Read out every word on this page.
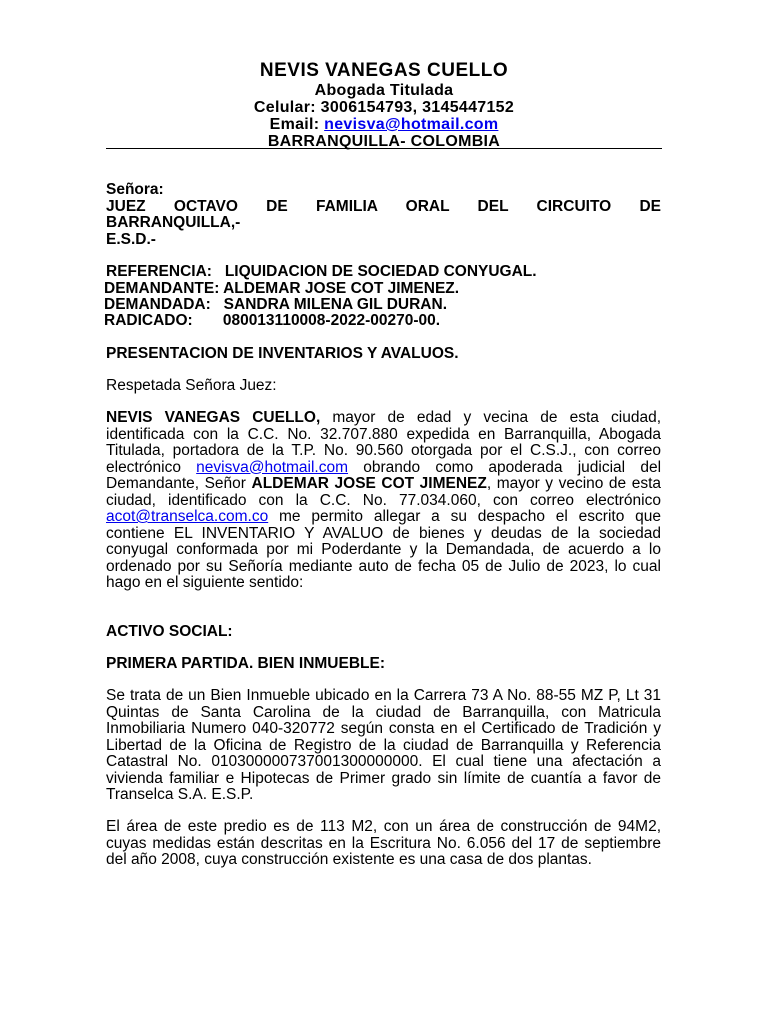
NEVIS VANEGAS CUELLO
Abogada Titulada
Celular: 3006154793, 3145447152
Email: nevisva@hotmail.com
BARRANQUILLA- COLOMBIA
Señora:
JUEZ OCTAVO DE FAMILIA ORAL DEL CIRCUITO DE
BARRANQUILLA,-
E.S.D.-
REFERENCIA:   LIQUIDACION DE SOCIEDAD CONYUGAL.
DEMANDANTE: ALDEMAR JOSE COT JIMENEZ.
DEMANDADA:   SANDRA MILENA GIL DURAN.
RADICADO:       080013110008-2022-00270-00.
PRESENTACION DE INVENTARIOS Y AVALUOS.
Respetada Señora Juez:
NEVIS VANEGAS CUELLO, mayor de edad y vecina de esta ciudad, identificada con la C.C. No. 32.707.880 expedida en Barranquilla, Abogada Titulada, portadora de la T.P. No. 90.560 otorgada por el C.S.J., con correo electrónico nevisva@hotmail.com obrando como apoderada judicial del Demandante, Señor ALDEMAR JOSE COT JIMENEZ, mayor y vecino de esta ciudad, identificado con la C.C. No. 77.034.060, con correo electrónico acot@transelca.com.co me permito allegar a su despacho el escrito que contiene EL INVENTARIO Y AVALUO de bienes y deudas de la sociedad conyugal conformada por mi Poderdante y la Demandada, de acuerdo a lo ordenado por su Señoría mediante auto de fecha 05 de Julio de 2023, lo cual hago en el siguiente sentido:
ACTIVO SOCIAL:
PRIMERA PARTIDA. BIEN INMUEBLE:
Se trata de un Bien Inmueble ubicado en la Carrera 73 A No. 88-55 MZ P, Lt 31 Quintas de Santa Carolina de la ciudad de Barranquilla, con Matricula Inmobiliaria Numero 040-320772 según consta en el Certificado de Tradición y Libertad de la Oficina de Registro de la ciudad de Barranquilla y Referencia Catastral No. 010300000737001300000000. El cual tiene una afectación a vivienda familiar e Hipotecas de Primer grado sin límite de cuantía a favor de Transelca S.A. E.S.P.
El área de este predio es de 113 M2, con un área de construcción de 94M2, cuyas medidas están descritas en la Escritura No. 6.056 del 17 de septiembre del año 2008, cuya construcción existente es una casa de dos plantas.
